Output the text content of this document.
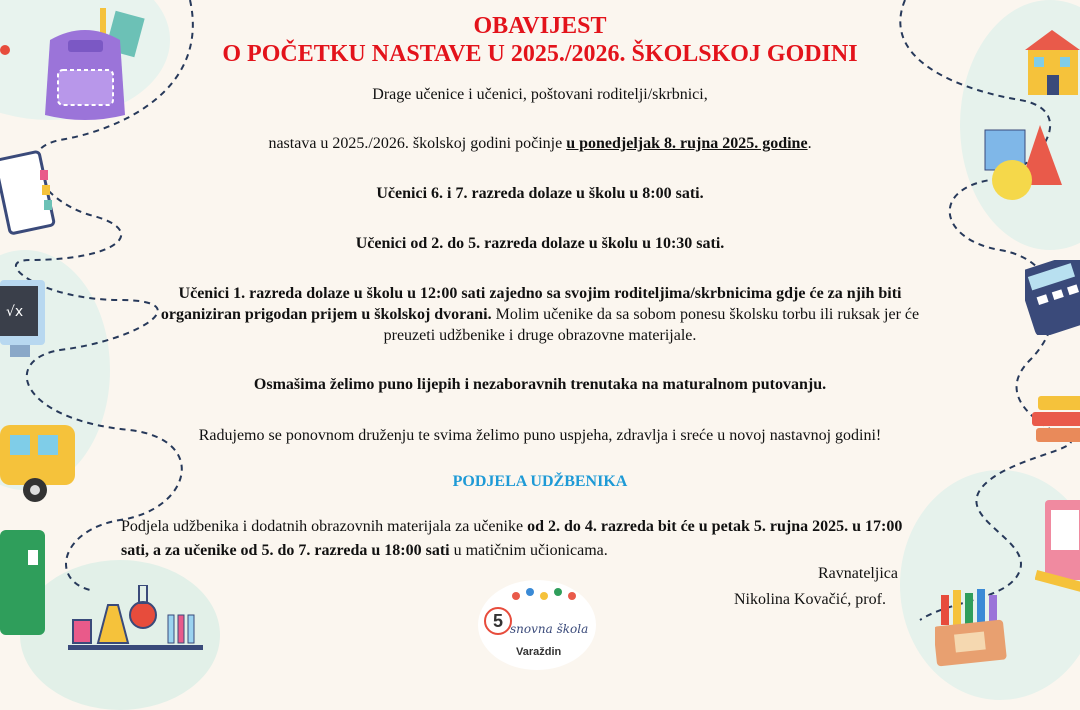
√x

OBAVIJEST

O POČETKU NASTAVE U 2025./2026. ŠKOLSKOJ GODINI

Drage učenice i učenici, poštovani roditelji/skrbnici,

nastava u 2025./2026. školskoj godini počinje u ponedjeljak 8. rujna 2025. godine.

Učenici 6. i 7. razreda dolaze u školu u 8:00 sati.

Učenici od 2. do 5. razreda dolaze u školu u 10:30 sati.

Učenici 1. razreda dolaze u školu u 12:00 sati zajedno sa svojim roditeljima/skrbnicima gdje će za njih biti

organiziran prigodan prijem u školskoj dvorani. Molim učenike da sa sobom ponesu školsku torbu ili ruksak jer će

preuzeti udžbenike i druge obrazovne materijale.

Osmašima želimo puno lijepih i nezaboravnih trenutaka na maturalnom putovanju.

Radujemo se ponovnom druženju te svima želimo puno uspjeha, zdravlja i sreće u novoj nastavnoj godini!

PODJELA UDŽBENIKA

Podjela udžbenika i dodatnih obrazovnih materijala za učenike od 2. do 4. razreda bit će u petak 5. rujna 2025. u 17:00

sati, a za učenike od 5. do 7. razreda u 18:00 sati u matičnim učionicama.

Ravnateljica

Nikolina Kovačić, prof.

5 snovna škola
Varaždin
